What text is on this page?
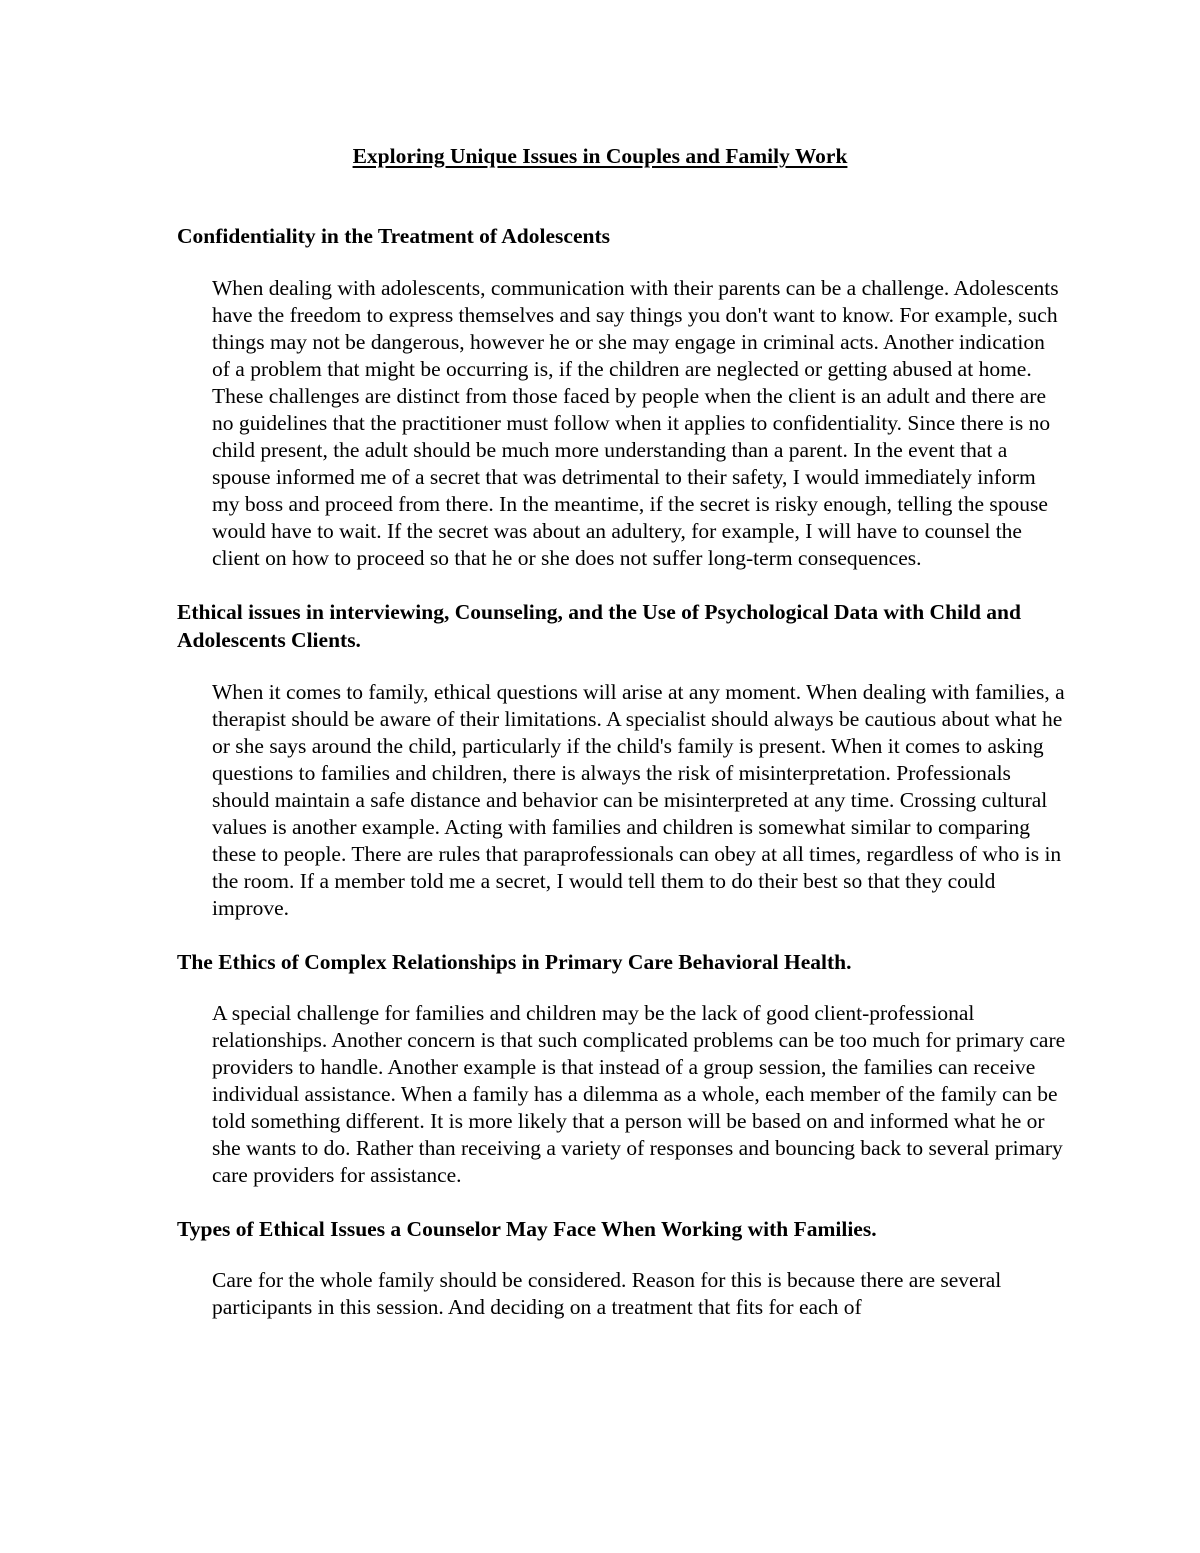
Exploring Unique Issues in Couples and Family Work
Confidentiality in the Treatment of Adolescents

When dealing with adolescents, communication with their parents can be a challenge. Adolescents have the freedom to express themselves and say things you don't want to know. For example, such things may not be dangerous, however he or she may engage in criminal acts. Another indication of a problem that might be occurring is, if the children are neglected or getting abused at home. These challenges are distinct from those faced by people when the client is an adult and there are no guidelines that the practitioner must follow when it applies to confidentiality. Since there is no child present, the adult should be much more understanding than a parent. In the event that a spouse informed me of a secret that was detrimental to their safety, I would immediately inform my boss and proceed from there. In the meantime, if the secret is risky enough, telling the spouse would have to wait. If the secret was about an adultery, for example, I will have to counsel the client on how to proceed so that he or she does not suffer long-term consequences.

Ethical issues in interviewing, Counseling, and the Use of Psychological Data with Child and Adolescents Clients.

When it comes to family, ethical questions will arise at any moment. When dealing with families, a therapist should be aware of their limitations. A specialist should always be cautious about what he or she says around the child, particularly if the child's family is present. When it comes to asking questions to families and children, there is always the risk of misinterpretation. Professionals should maintain a safe distance and behavior can be misinterpreted at any time. Crossing cultural values is another example. Acting with families and children is somewhat similar to comparing these to people. There are rules that paraprofessionals can obey at all times, regardless of who is in the room. If a member told me a secret, I would tell them to do their best so that they could improve.

The Ethics of Complex Relationships in Primary Care Behavioral Health.

A special challenge for families and children may be the lack of good client-professional relationships. Another concern is that such complicated problems can be too much for primary care providers to handle. Another example is that instead of a group session, the families can receive individual assistance. When a family has a dilemma as a whole, each member of the family can be told something different. It is more likely that a person will be based on and informed what he or she wants to do. Rather than receiving a variety of responses and bouncing back to several primary care providers for assistance.

Types of Ethical Issues a Counselor May Face When Working with Families.

Care for the whole family should be considered. Reason for this is because there are several participants in this session. And deciding on a treatment that fits for each of
